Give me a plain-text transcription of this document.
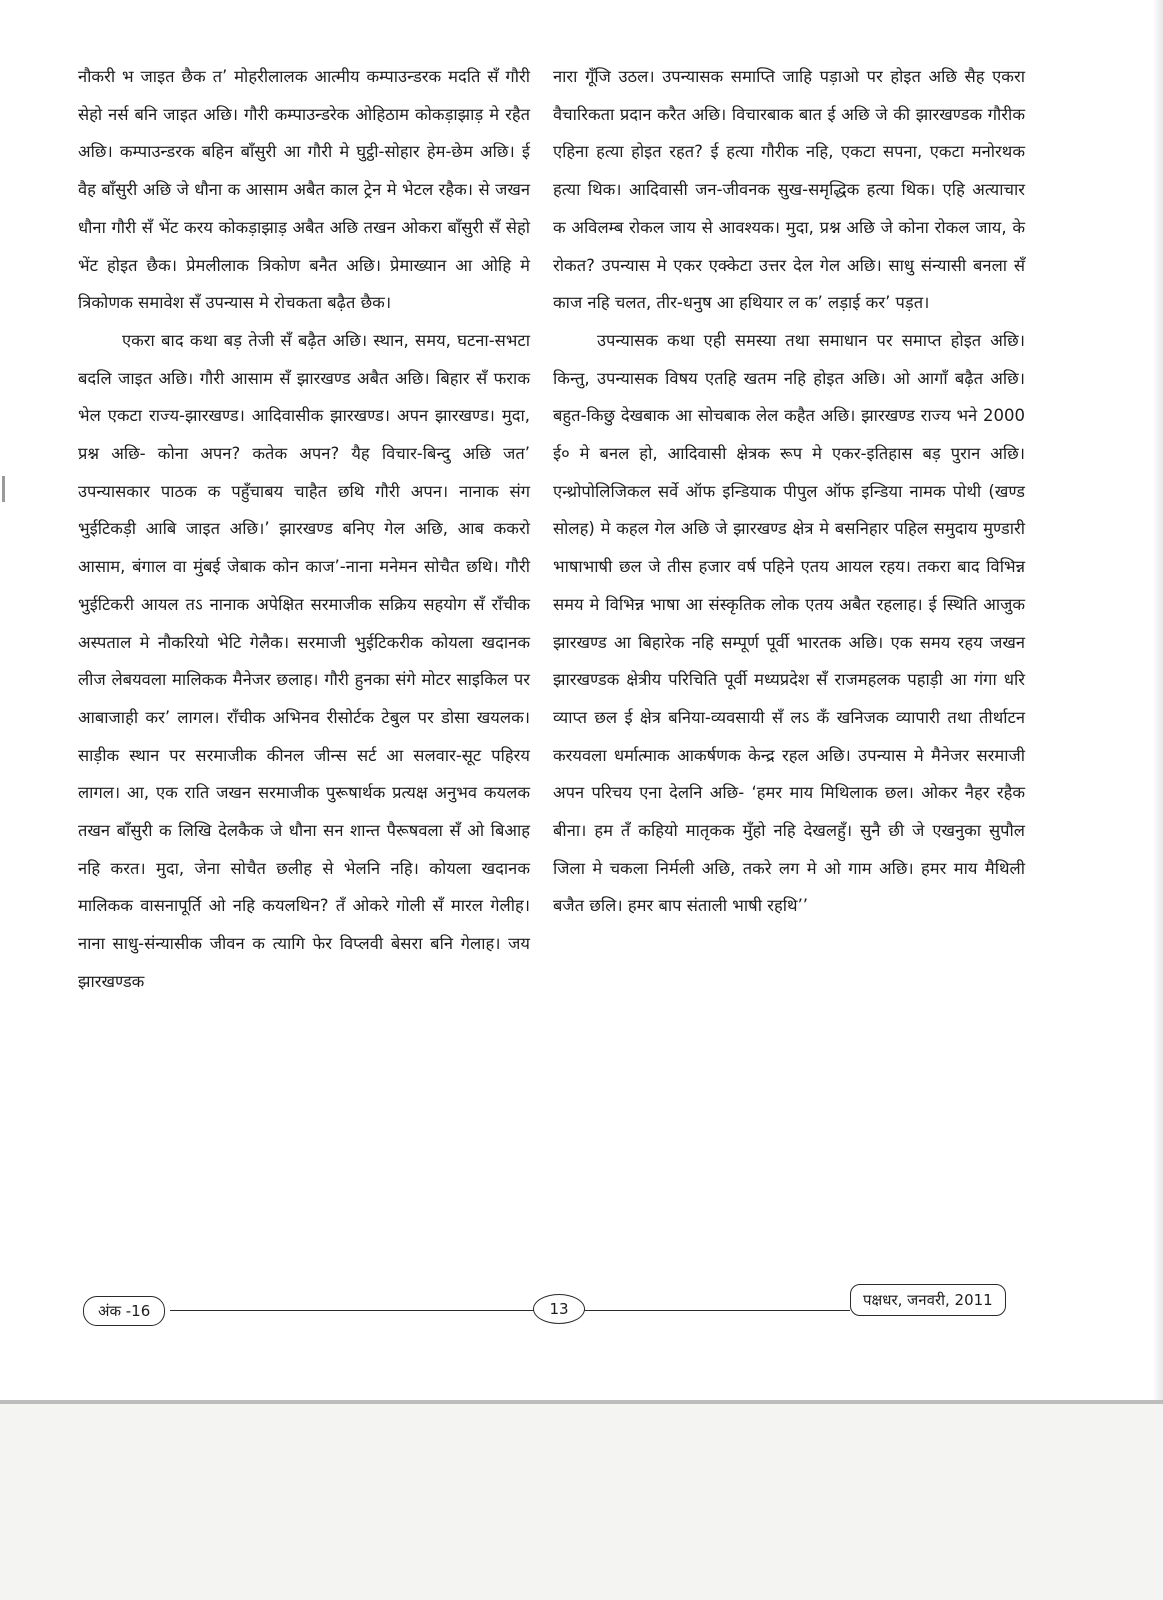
नौकरी भ जाइत छैक त’ मोहरीलालक आत्मीय कम्पाउन्डरक मदति सँ गौरी सेहो नर्स बनि जाइत अछि। गौरी कम्पाउन्डरेक ओहिठाम कोकड़ाझाड़ मे रहैत अछि। कम्पाउन्डरक बहिन बाँसुरी आ गौरी मे घुट्ठी-सोहार हेम-छेम अछि। ई वैह बाँसुरी अछि जे धौना क आसाम अबैत काल ट्रेन मे भेटल रहैक। से जखन धौना गौरी सँ भेंट करय कोकड़ाझाड़ अबैत अछि तखन ओकरा बाँसुरी सँ सेहो भेंट होइत छैक। प्रेमलीलाक त्रिकोण बनैत अछि। प्रेमाख्यान आ ओहि मे त्रिकोणक समावेश सँ उपन्यास मे रोचकता बढ़ैत छैक।

एकरा बाद कथा बड़ तेजी सँ बढ़ैत अछि। स्थान, समय, घटना-सभटा बदलि जाइत अछि। गौरी आसाम सँ झारखण्ड अबैत अछि। बिहार सँ फराक भेल एकटा राज्य-झारखण्ड। आदिवासीक झारखण्ड। अपन झारखण्ड। मुदा, प्रश्न अछि- कोना अपन? कतेक अपन? यैह विचार-बिन्दु अछि जत’ उपन्यासकार पाठक क पहुँचाबय चाहैत छथि गौरी अपन। नानाक संग भुईटिकड़ी आबि जाइत अछि।’ झारखण्ड बनिए गेल अछि, आब ककरो आसाम, बंगाल वा मुंबई जेबाक कोन काज’-नाना मनेमन सोचैत छथि। गौरी भुईटिकरी आयल तऽ नानाक अपेक्षित सरमाजीक सक्रिय सहयोग सँ राँचीक अस्पताल मे नौकरियो भेटि गेलैक। सरमाजी भुईटिकरीक कोयला खदानक लीज लेबयवला मालिकक मैनेजर छलाह। गौरी हुनका संगे मोटर साइकिल पर आबाजाही कर’ लागल। राँचीक अभिनव रीसोर्टक टेबुल पर डोसा खयलक। साड़ीक स्थान पर सरमाजीक कीनल जीन्स सर्ट आ सलवार-सूट पहिरय लागल। आ, एक राति जखन सरमाजीक पुरूषार्थक प्रत्यक्ष अनुभव कयलक तखन बाँसुरी क लिखि देलकैक जे धौना सन शान्त पैरूषवला सँ ओ बिआह नहि करत। मुदा, जेना सोचैत छलीह से भेलनि नहि। कोयला खदानक मालिकक वासनापूर्ति ओ नहि कयलथिन? तँ ओकरे गोली सँ मारल गेलीह। नाना साधु-संन्यासीक जीवन क त्यागि फेर विप्लवी बेसरा बनि गेलाह। जय झारखण्डक

नारा गूँजि उठल। उपन्यासक समाप्ति जाहि पड़ाओ पर होइत अछि सैह एकरा वैचारिकता प्रदान करैत अछि। विचारबाक बात ई अछि जे की झारखण्डक गौरीक एहिना हत्या होइत रहत? ई हत्या गौरीक नहि, एकटा सपना, एकटा मनोरथक हत्या थिक। आदिवासी जन-जीवनक सुख-समृद्धिक हत्या थिक। एहि अत्याचार क अविलम्ब रोकल जाय से आवश्यक। मुदा, प्रश्न अछि जे कोना रोकल जाय, के रोकत? उपन्यास मे एकर एक्केटा उत्तर देल गेल अछि। साधु संन्यासी बनला सँ काज नहि चलत, तीर-धनुष आ हथियार ल क’ लड़ाई कर’ पड़त।

उपन्यासक कथा एही समस्या तथा समाधान पर समाप्त होइत अछि। किन्तु, उपन्यासक विषय एतहि खतम नहि होइत अछि। ओ आगाँ बढ़ैत अछि। बहुत-किछु देखबाक आ सोचबाक लेल कहैत अछि। झारखण्ड राज्य भने 2000 ई० मे बनल हो, आदिवासी क्षेत्रक रूप मे एकर-इतिहास बड़ पुरान अछि। एन्थ्रोपोलिजिकल सर्वे ऑफ इन्डियाक पीपुल ऑफ इन्डिया नामक पोथी (खण्ड सोलह) मे कहल गेल अछि जे झारखण्ड क्षेत्र मे बसनिहार पहिल समुदाय मुण्डारी भाषाभाषी छल जे तीस हजार वर्ष पहिने एतय आयल रहय। तकरा बाद विभिन्न समय मे विभिन्न भाषा आ संस्कृतिक लोक एतय अबैत रहलाह। ई स्थिति आजुक झारखण्ड आ बिहारेक नहि सम्पूर्ण पूर्वी भारतक अछि। एक समय रहय जखन झारखण्डक क्षेत्रीय परिचिति पूर्वी मध्यप्रदेश सँ राजमहलक पहाड़ी आ गंगा धरि व्याप्त छल ई क्षेत्र बनिया-व्यवसायी सँ लऽ कँ खनिजक व्यापारी तथा तीर्थाटन करयवला धर्मात्माक आकर्षणक केन्द्र रहल अछि। उपन्यास मे मैनेजर सरमाजी अपन परिचय एना देलनि अछि- ‘हमर माय मिथिलाक छल। ओकर नैहर रहैक बीना। हम तँ कहियो मातृकक मुँहो नहि देखलहुँ। सुनै छी जे एखनुका सुपौल जिला मे चकला निर्मली अछि, तकरे लग मे ओ गाम अछि। हमर माय मैथिली बजैत छलि। हमर बाप संताली भाषी रहथि’’

अंक -16	13	पक्षधर, जनवरी, 2011
